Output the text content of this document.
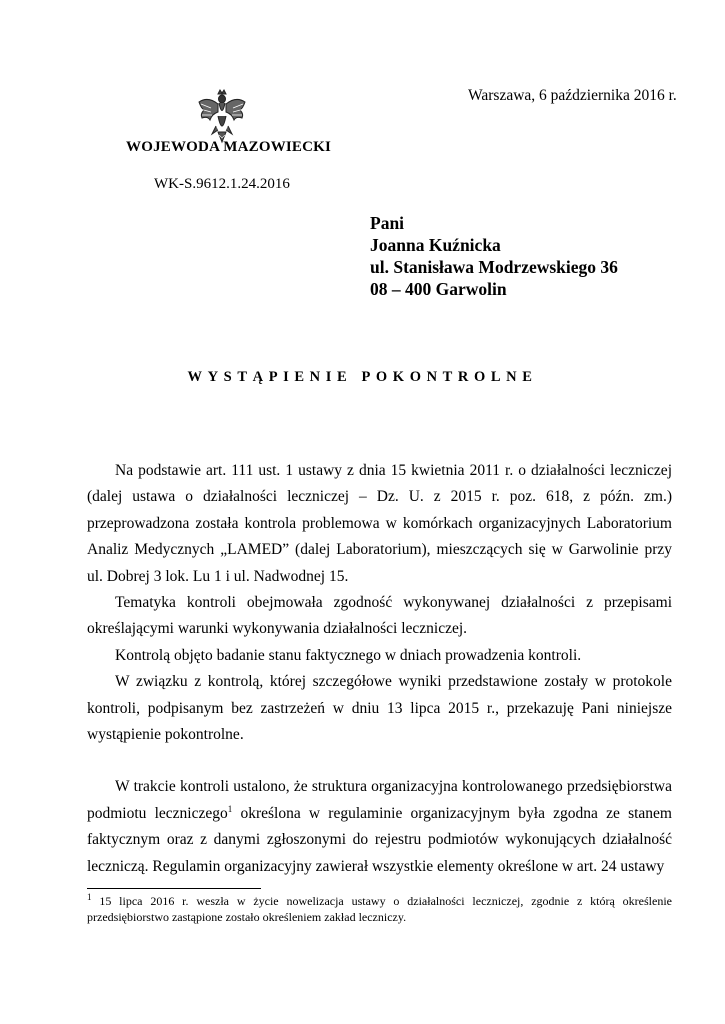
Warszawa, 6 października 2016 r.
WOJEWODA MAZOWIECKI
WK-S.9612.1.24.2016
Pani
Joanna Kuźnicka
ul. Stanisława Modrzewskiego 36
08 – 400 Garwolin
WYSTĄPIENIE POKONTROLNE

Na podstawie art. 111 ust. 1 ustawy z dnia 15 kwietnia 2011 r. o działalności leczniczej (dalej ustawa o działalności leczniczej – Dz. U. z 2015 r. poz. 618, z późn. zm.) przeprowadzona została kontrola problemowa w komórkach organizacyjnych Laboratorium Analiz Medycznych „LAMED” (dalej Laboratorium), mieszczących się w Garwolinie przy ul. Dobrej 3 lok. Lu 1 i ul. Nadwodnej 15.

Tematyka kontroli obejmowała zgodność wykonywanej działalności z przepisami określającymi warunki wykonywania działalności leczniczej.

Kontrolą objęto badanie stanu faktycznego w dniach prowadzenia kontroli.

W związku z kontrolą, której szczegółowe wyniki przedstawione zostały w protokole kontroli, podpisanym bez zastrzeżeń w dniu 13 lipca 2015 r., przekazuję Pani niniejsze wystąpienie pokontrolne.

W trakcie kontroli ustalono, że struktura organizacyjna kontrolowanego przedsiębiorstwa podmiotu leczniczego$^1$ określona w regulaminie organizacyjnym była zgodna ze stanem faktycznym oraz z danymi zgłoszonymi do rejestru podmiotów wykonujących działalność leczniczą. Regulamin organizacyjny zawierał wszystkie elementy określone w art. 24 ustawy

$^1$ 15 lipca 2016 r. weszła w życie nowelizacja ustawy o działalności leczniczej, zgodnie z którą określenie przedsiębiorstwo zastąpione zostało określeniem zakład leczniczy.
